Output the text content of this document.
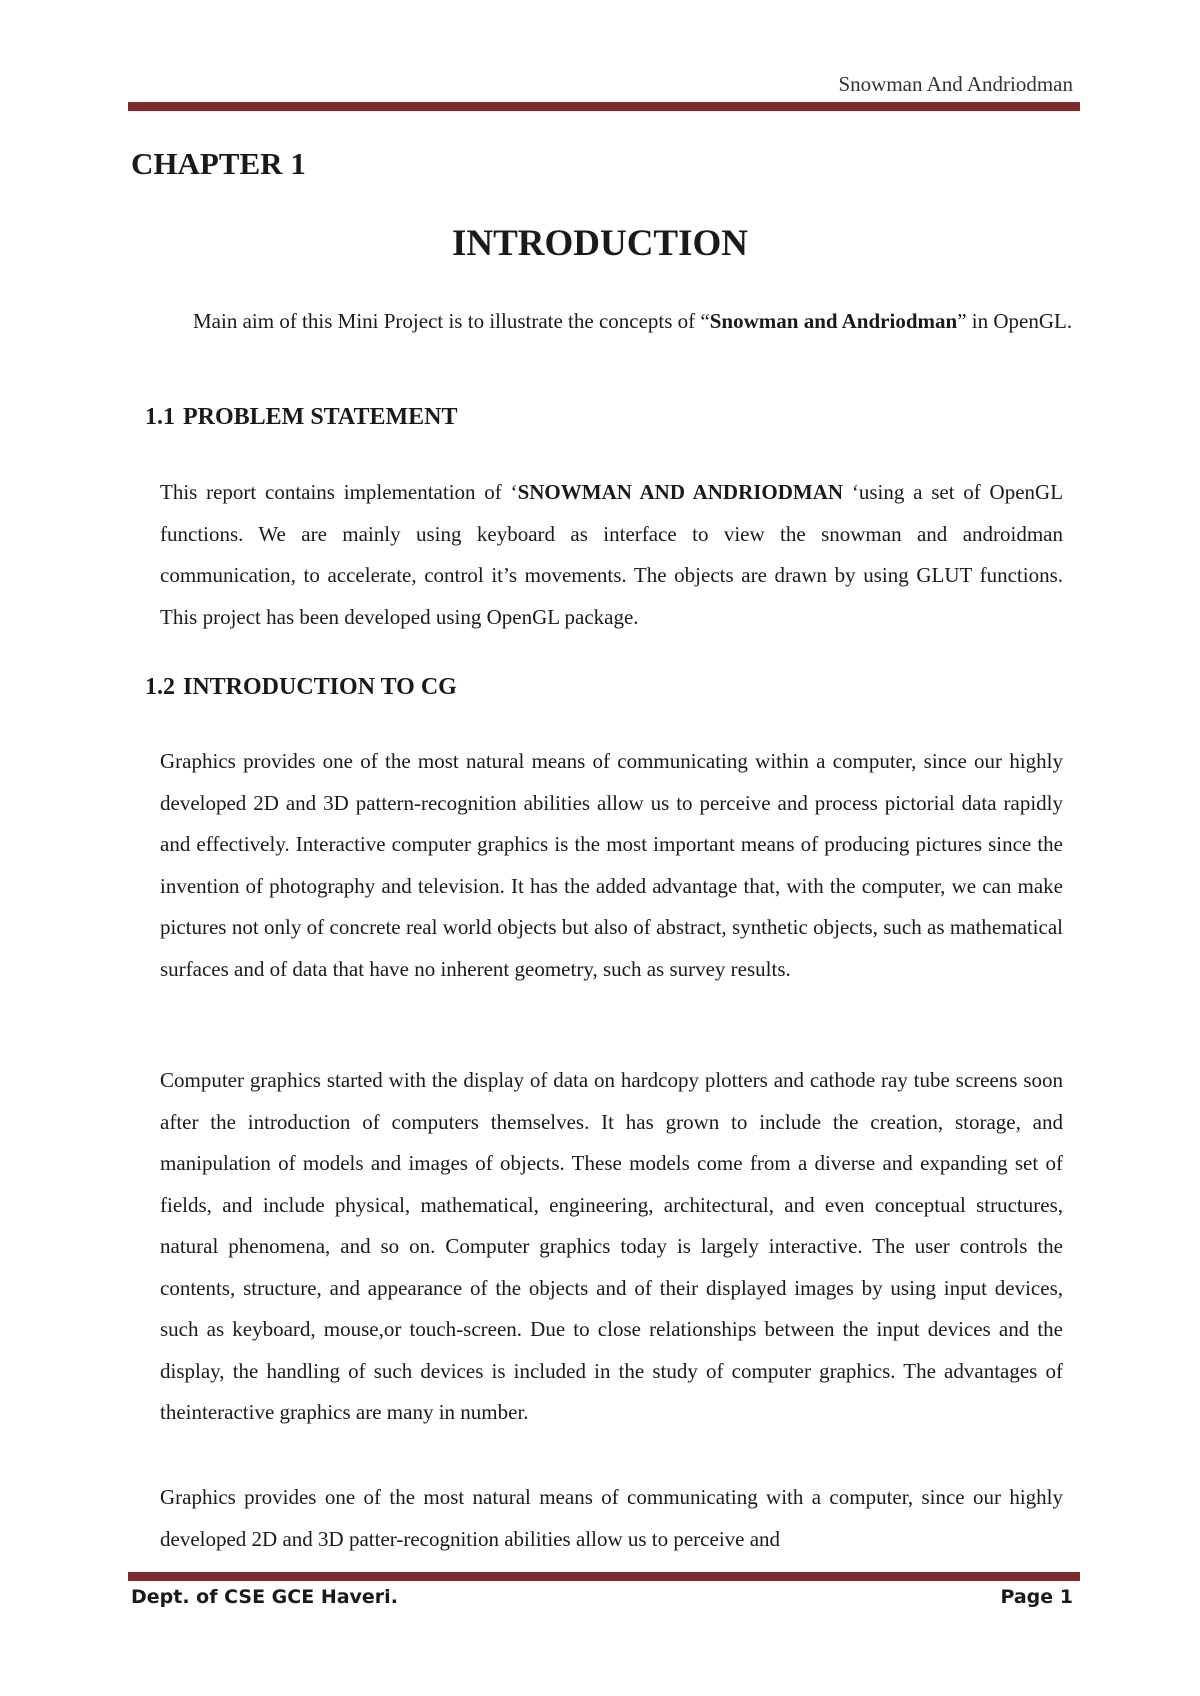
Snowman And Andriodman
CHAPTER 1
INTRODUCTION
Main aim of this Mini Project is to illustrate the concepts of “Snowman and Andriodman” in OpenGL.
1.1 PROBLEM STATEMENT
This report contains implementation of ‘SNOWMAN AND ANDRIODMAN ‘using a set of OpenGL functions. We are mainly using keyboard as interface to view the snowman and androidman communication, to accelerate, control it’s movements. The objects are drawn by using GLUT functions. This project has been developed using OpenGL package.
1.2 INTRODUCTION TO CG
Graphics provides one of the most natural means of communicating within a computer, since our highly developed 2D and 3D pattern-recognition abilities allow us to perceive and process pictorial data rapidly and effectively. Interactive computer graphics is the most important means of producing pictures since the invention of photography and television. It has the added advantage that, with the computer, we can make pictures not only of concrete real world objects but also of abstract, synthetic objects, such as mathematical surfaces and of data that have no inherent geometry, such as survey results.
Computer graphics started with the display of data on hardcopy plotters and cathode ray tube screens soon after the introduction of computers themselves. It has grown to include the creation, storage, and manipulation of models and images of objects. These models come from a diverse and expanding set of fields, and include physical, mathematical, engineering, architectural, and even conceptual structures, natural phenomena, and so on. Computer graphics today is largely interactive. The user controls the contents, structure, and appearance of the objects and of their displayed images by using input devices, such as keyboard, mouse,or touch-screen. Due to close relationships between the input devices and the display, the handling of such devices is included in the study of computer graphics. The advantages of theinteractive graphics are many in number.
Graphics provides one of the most natural means of communicating with a computer, since our highly developed 2D and 3D patter-recognition abilities allow us to perceive and
Dept. of CSE GCE Haveri.	Page 1
